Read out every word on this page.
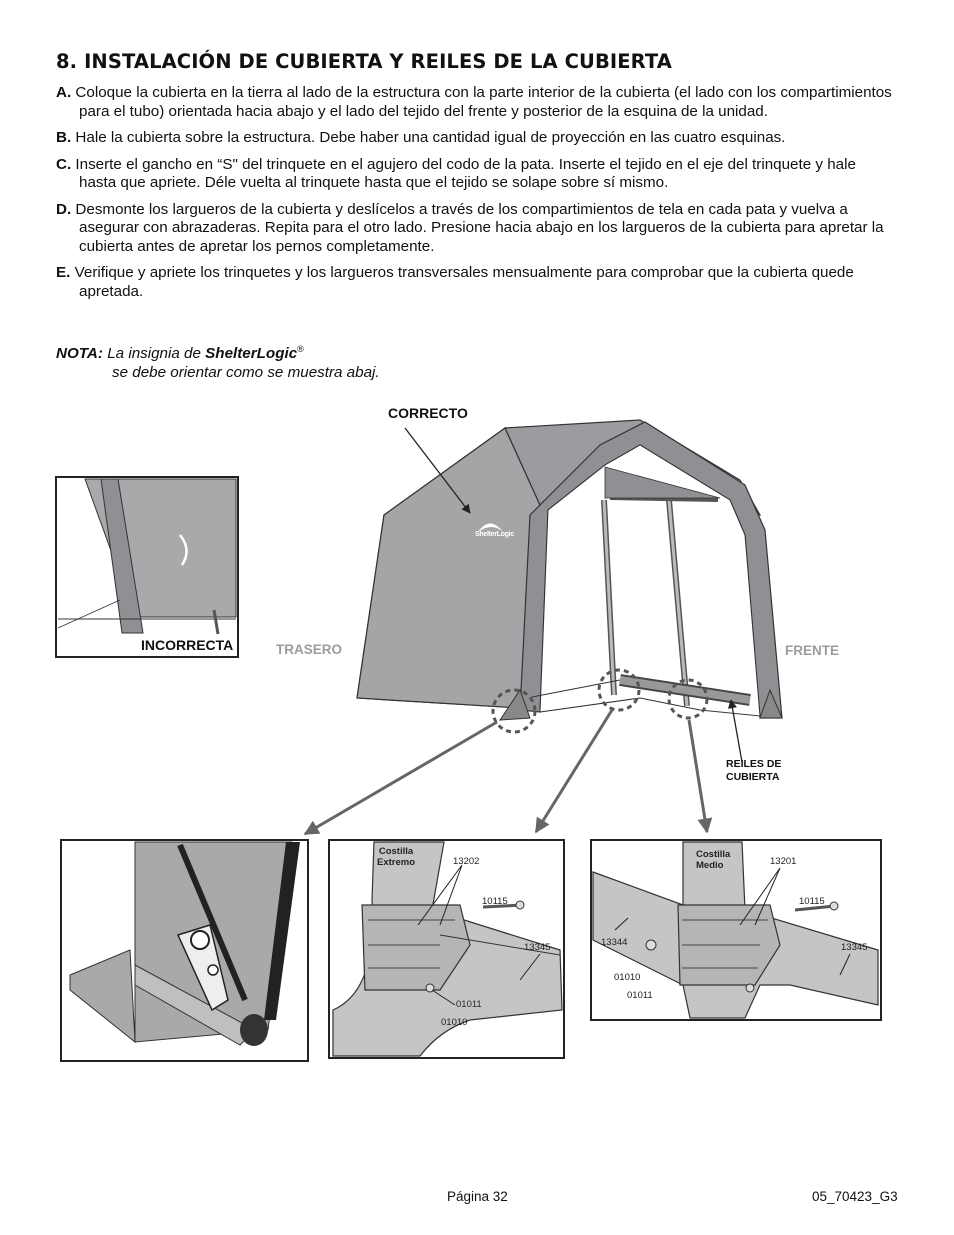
8. INSTALACIÓN DE CUBIERTA Y REILES DE LA CUBIERTA

A. Coloque la cubierta en la tierra al lado de la estructura con la parte interior de la cubierta (el lado con los compartimientos para el tubo) orientada hacia abajo y el lado del tejido del frente y posterior de la esquina de la unidad.

B. Hale la cubierta sobre la estructura. Debe haber una cantidad igual de proyección en las cuatro esquinas.

C. Inserte el gancho en “S" del trinquete en el agujero del codo de la pata. Inserte el tejido en el eje del trinquete y hale hasta que apriete. Déle vuelta al trinquete hasta que el tejido se solape sobre sí mismo.

D. Desmonte los largueros de la cubierta y deslícelos a través de los compartimientos de tela en cada pata y vuelva a asegurar con abrazaderas. Repita para el otro lado. Presione hacia abajo en los largueros de la cubierta para apretar la cubierta antes de apretar los pernos completamente.

E. Verifique y apriete los trinquetes y los largueros transversales mensualmente para comprobar que la cubierta quede apretada.

NOTA: La insignia de ShelterLogic®
se debe orientar como se muestra abaj.
CORRECTO
INCORRECTA	TRASERO	FRENTE
REILES DE
CUBIERTA
ShelterLogic
Costilla
Extremo	13202
10115
13345
01011
01010
Costilla
Medio	13201
10115
13344	13345
01010
01011
Página 32	05_70423_G3
